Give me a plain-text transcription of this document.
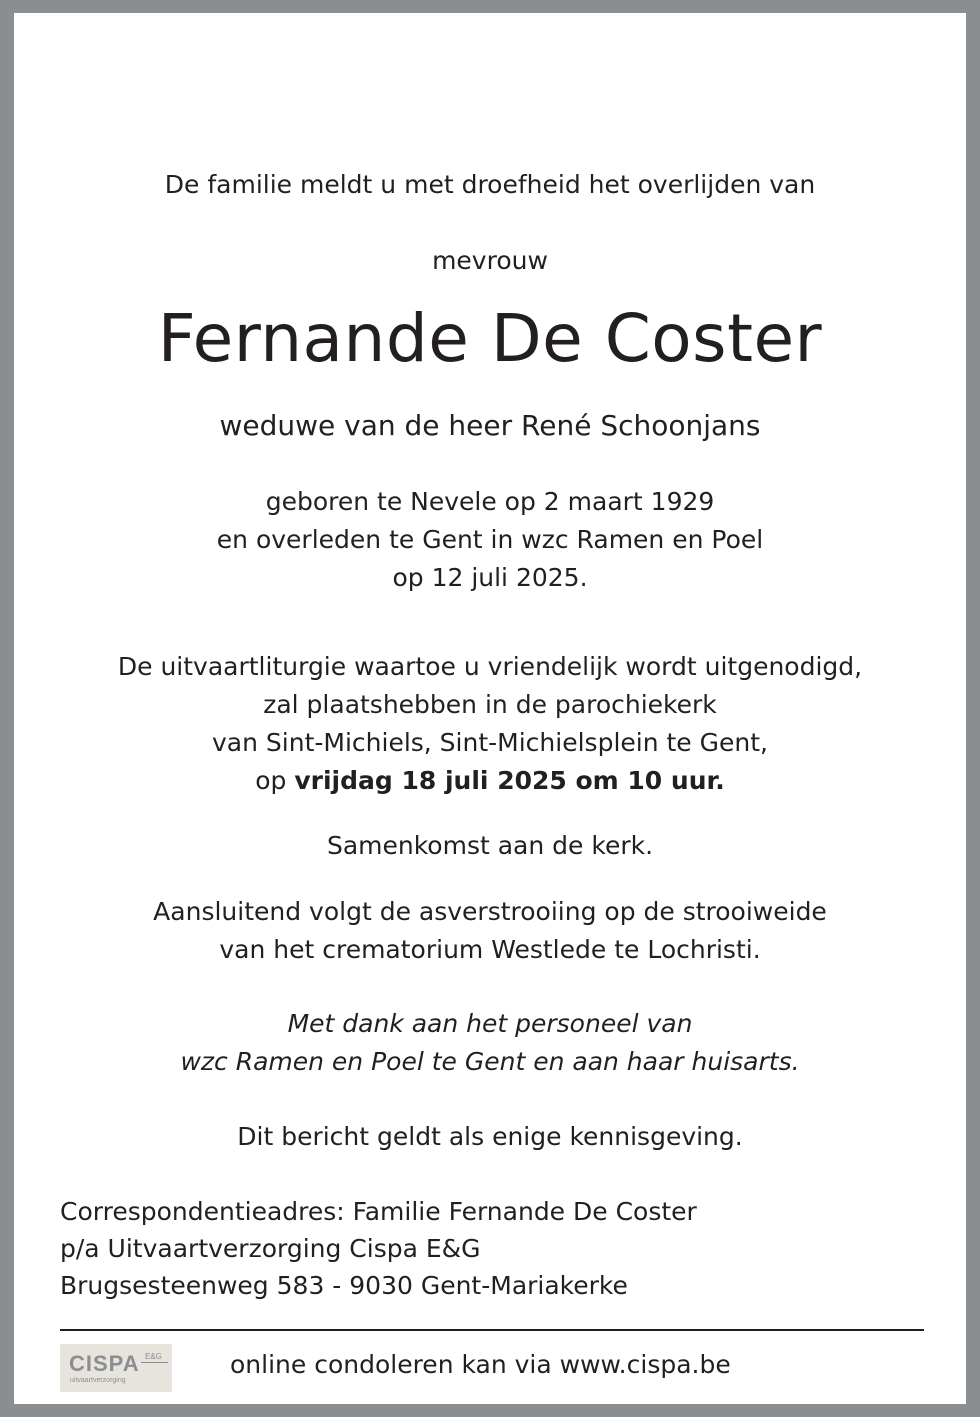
De familie meldt u met droefheid het overlijden van
mevrouw
Fernande De Coster
weduwe van de heer René Schoonjans
geboren te Nevele op 2 maart 1929
en overleden te Gent in wzc Ramen en Poel
op 12 juli 2025.
De uitvaartliturgie waartoe u vriendelijk wordt uitgenodigd,
zal plaatshebben in de parochiekerk
van Sint-Michiels, Sint-Michielsplein te Gent,
op vrijdag 18 juli 2025 om 10 uur.
Samenkomst aan de kerk.
Aansluitend volgt de asverstrooiing op de strooiweide
van het crematorium Westlede te Lochristi.
Met dank aan het personeel van
wzc Ramen en Poel te Gent en aan haar huisarts.
Dit bericht geldt als enige kennisgeving.
Correspondentieadres: Familie Fernande De Coster
p/a Uitvaartverzorging Cispa E&G
Brugsesteenweg 583 - 9030 Gent-Mariakerke
CISPA E&G
uitvaartverzorging
online condoleren kan via www.cispa.be
